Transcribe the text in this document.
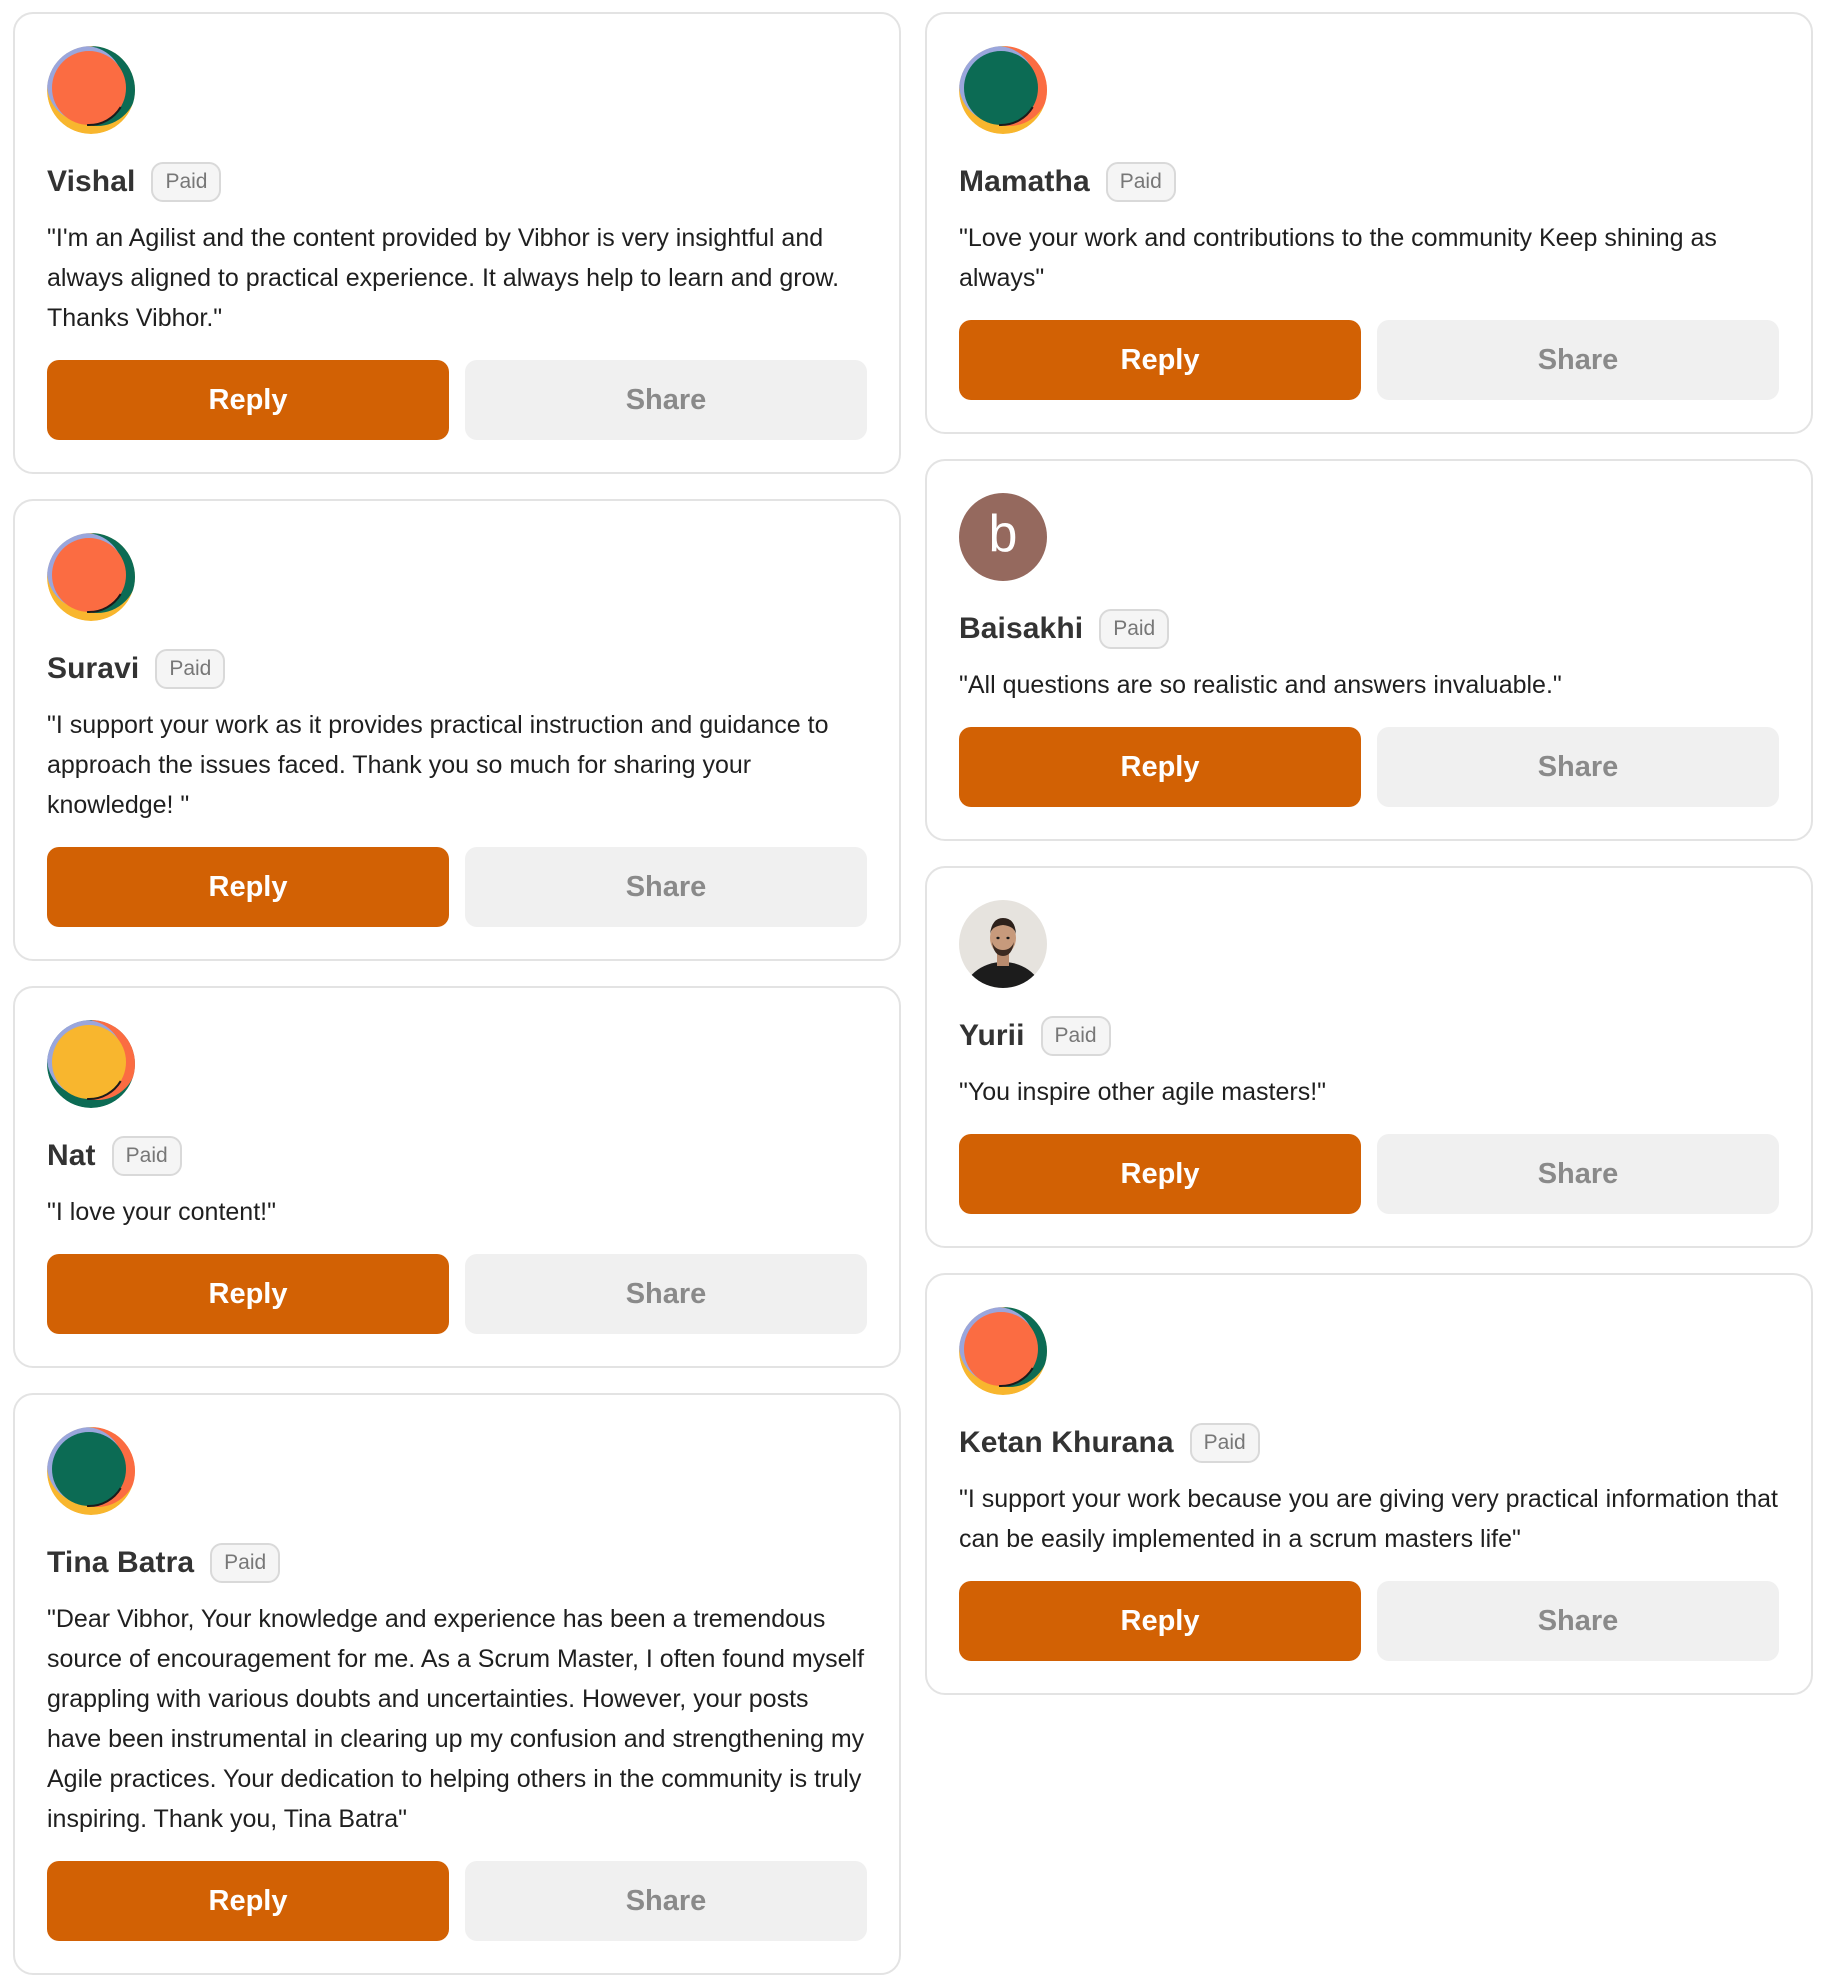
Vishal	Paid
"I'm an Agilist and the content provided by Vibhor is very insightful and always aligned to practical experience. It always help to learn and grow. Thanks Vibhor."
Reply	Share
Suravi	Paid
"I support your work as it provides practical instruction and guidance to approach the issues faced. Thank you so much for sharing your knowledge! "
Reply	Share
Nat	Paid
"I love your content!"
Reply	Share
Tina Batra	Paid
"Dear Vibhor, Your knowledge and experience has been a tremendous source of encouragement for me. As a Scrum Master, I often found myself grappling with various doubts and uncertainties. However, your posts have been instrumental in clearing up my confusion and strengthening my Agile practices. Your dedication to helping others in the community is truly inspiring. Thank you, Tina Batra"
Reply	Share
Mamatha	Paid
"Love your work and contributions to the community Keep shining as always"
Reply	Share
b
Baisakhi	Paid
"All questions are so realistic and answers invaluable."
Reply	Share
Yurii	Paid
"You inspire other agile masters!"
Reply	Share
Ketan Khurana	Paid
"I support your work because you are giving very practical information that can be easily implemented in a scrum masters life"
Reply	Share
